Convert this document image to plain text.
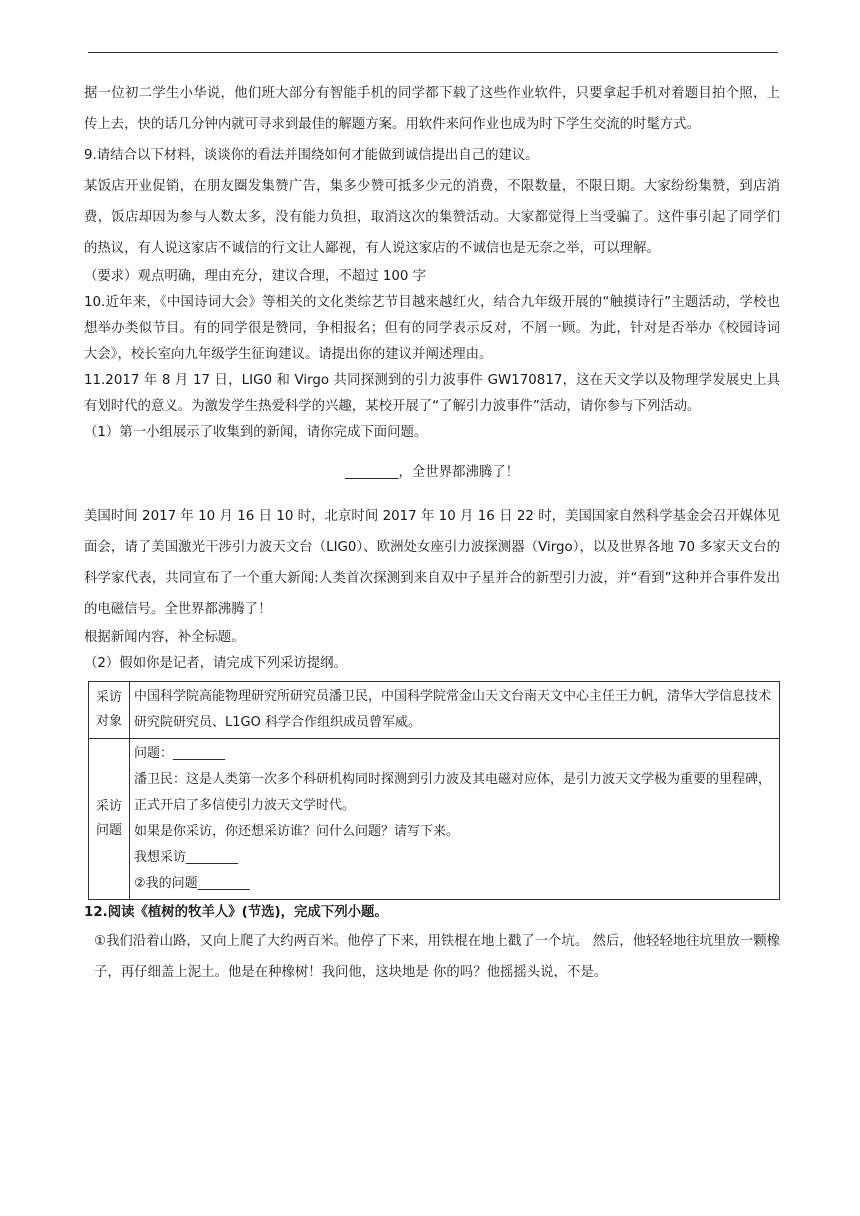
据一位初二学生小华说，他们班大部分有智能手机的同学都下载了这些作业软件，只要拿起手机对着题目拍个照，上传上去，快的话几分钟内就可寻求到最佳的解题方案。用软件来问作业也成为时下学生交流的时髦方式。

9.请结合以下材料，谈谈你的看法并围绕如何才能做到诚信提出自己的建议。

某饭店开业促销，在朋友圈发集赞广告，集多少赞可抵多少元的消费，不限数量，不限日期。大家纷纷集赞，到店消费，饭店却因为参与人数太多，没有能力负担，取消这次的集赞活动。大家都觉得上当受骗了。这件事引起了同学们的热议，有人说这家店不诚信的行文让人鄙视，有人说这家店的不诚信也是无奈之举，可以理解。

（要求）观点明确，理由充分，建议合理，不超过 100 字

10.近年来，《中国诗词大会》等相关的文化类综艺节目越来越红火，结合九年级开展的“触摸诗行”主题活动，学校也想举办类似节目。有的同学很是赞同，争相报名；但有的同学表示反对，不屑一顾。为此，针对是否举办《校园诗词大会》，校长室向九年级学生征询建议。请提出你的建议并阐述理由。

11.2017 年 8 月 17 日，LIG0 和 Virgo 共同探测到的引力波事件 GW170817，这在天文学以及物理学发展史上具有划时代的意义。为激发学生热爱科学的兴趣，某校开展了“了解引力波事件”活动，请你参与下列活动。

（1）第一小组展示了收集到的新闻，请你完成下面问题。

________，全世界都沸腾了！

美国时间 2017 年 10 月 16 日 10 时，北京时间 2017 年 10 月 16 日 22 时，美国国家自然科学基金会召开媒体见面会，请了美国激光干涉引力波天文台（LIG0）、欧洲处女座引力波探测器（Virgo），以及世界各地 70 多家天文台的科学家代表，共同宣布了一个重大新闻:人类首次探测到来自双中子星并合的新型引力波，并“看到”这种并合事件发出的电磁信号。全世界都沸腾了！

根据新闻内容，补全标题。

（2）假如你是记者，请完成下列采访提纲。

采访对象	中国科学院高能物理研究所研究员潘卫民，中国科学院常金山天文台南天文中心主任王力帆，清华大学信息技术研究院研究员、L1GO 科学合作组织成员曾军威。
采访问题	问题：________
潘卫民：这是人类第一次多个科研机构同时探测到引力波及其电磁对应体，是引力波天文学极为重要的里程碑，正式开启了多信使引力波天文学时代。
如果是你采访，你还想采访谁？问什么问题？请写下来。
我想采访________
②我的问题________

12.阅读《植树的牧羊人》(节选)，完成下列小题。

①我们沿着山路，又向上爬了大约两百米。他停了下来，用铁棍在地上戳了一个坑。 然后，他轻轻地往坑里放一颗橡子，再仔细盖上泥土。他是在种橡树！我问他，这块地是 你的吗？他摇摇头说，不是。
